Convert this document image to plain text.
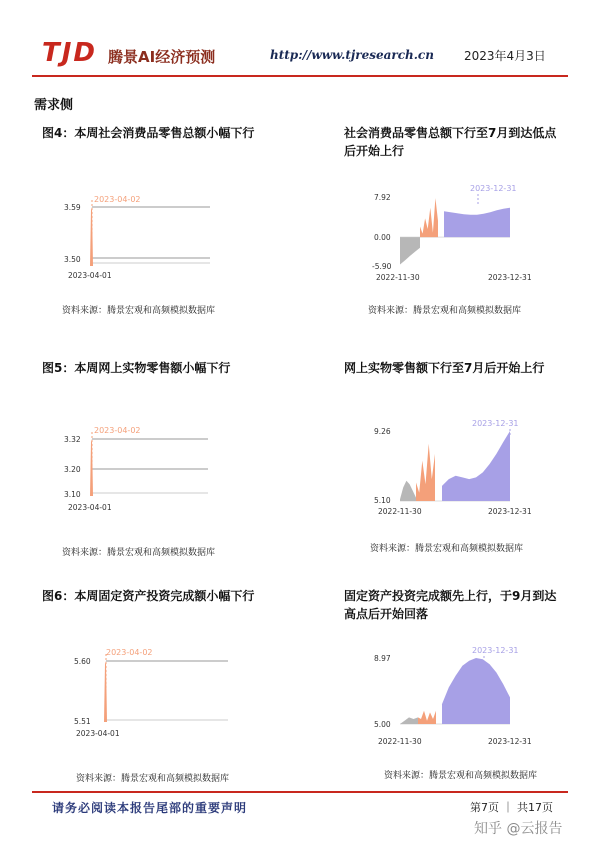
TJD 腾景AI经济预测	http://www.tjresearch.cn	2023年4月3日
需求侧
图4：本周社会消费品零售总额小幅下行	社会消费品零售总额下行至7月到达低点后开始上行
2023-04-02
3.59
3.50
2023-04-01
2023-12-31
7.92
0.00
-5.90
2022-11-30	2023-12-31
资料来源：腾景宏观和高频模拟数据库	资料来源：腾景宏观和高频模拟数据库
图5：本周网上实物零售额小幅下行	网上实物零售额下行至7月后开始上行
2023-04-02
3.32
3.20
3.10
2023-04-01
2023-12-31
9.26
5.10
2022-11-30	2023-12-31
资料来源：腾景宏观和高频模拟数据库	资料来源：腾景宏观和高频模拟数据库
图6：本周固定资产投资完成额小幅下行	固定资产投资完成额先上行，于9月到达高点后开始回落
2023-04-02
5.60
5.51
2023-04-01
2023-12-31
8.97
5.00
2022-11-30	2023-12-31
资料来源：腾景宏观和高频模拟数据库	资料来源：腾景宏观和高频模拟数据库
请务必阅读本报告尾部的重要声明	第7页 ｜ 共17页
知乎 @云报告
